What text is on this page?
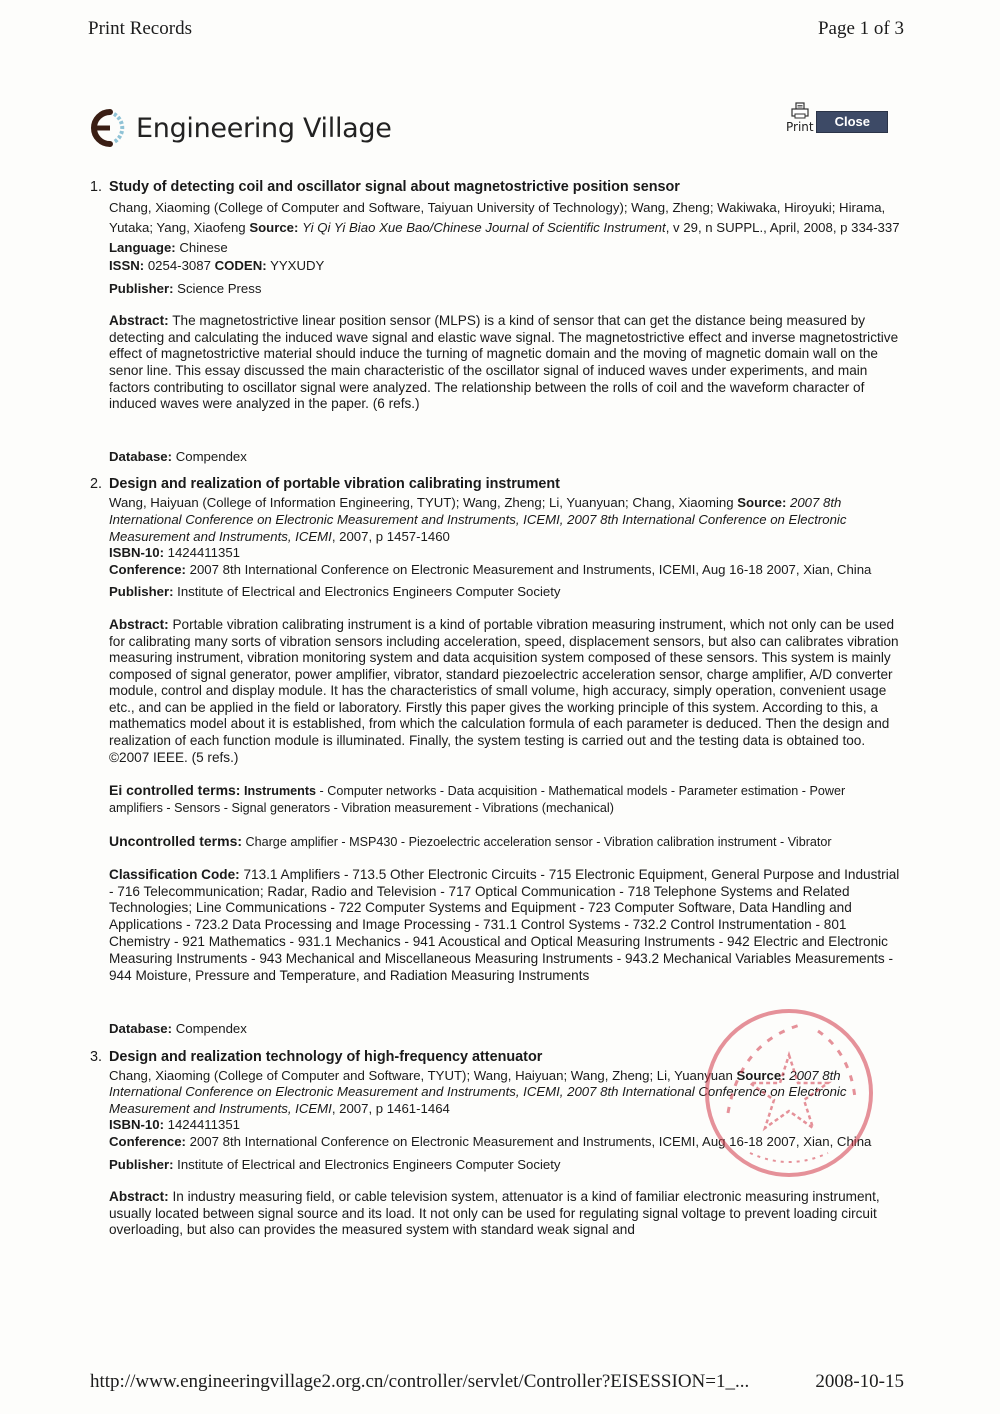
Print Records	Page 1 of 3
Engineering Village	Print	Close
1. Study of detecting coil and oscillator signal about magnetostrictive position sensor
Chang, Xiaoming (College of Computer and Software, Taiyuan University of Technology); Wang, Zheng; Wakiwaka, Hiroyuki; Hirama, Yutaka; Yang, Xiaofeng Source: Yi Qi Yi Biao Xue Bao/Chinese Journal of Scientific Instrument, v 29, n SUPPL., April, 2008, p 334-337 Language: Chinese
ISSN: 0254-3087 CODEN: YYXUDY
Publisher: Science Press
Abstract: The magnetostrictive linear position sensor (MLPS) is a kind of sensor that can get the distance being measured by detecting and calculating the induced wave signal and elastic wave signal. The magnetostrictive effect and inverse magnetostrictive effect of magnetostrictive material should induce the turning of magnetic domain and the moving of magnetic domain wall on the senor line. This essay discussed the main characteristic of the oscillator signal of induced waves under experiments, and main factors contributing to oscillator signal were analyzed. The relationship between the rolls of coil and the waveform character of induced waves were analyzed in the paper. (6 refs.)
Database: Compendex
2. Design and realization of portable vibration calibrating instrument
Wang, Haiyuan (College of Information Engineering, TYUT); Wang, Zheng; Li, Yuanyuan; Chang, Xiaoming Source: 2007 8th International Conference on Electronic Measurement and Instruments, ICEMI, 2007 8th International Conference on Electronic Measurement and Instruments, ICEMI, 2007, p 1457-1460
ISBN-10: 1424411351
Conference: 2007 8th International Conference on Electronic Measurement and Instruments, ICEMI, Aug 16-18 2007, Xian, China
Publisher: Institute of Electrical and Electronics Engineers Computer Society
Abstract: Portable vibration calibrating instrument is a kind of portable vibration measuring instrument, which not only can be used for calibrating many sorts of vibration sensors including acceleration, speed, displacement sensors, but also can calibrates vibration measuring instrument, vibration monitoring system and data acquisition system composed of these sensors. This system is mainly composed of signal generator, power amplifier, vibrator, standard piezoelectric acceleration sensor, charge amplifier, A/D converter module, control and display module. It has the characteristics of small volume, high accuracy, simply operation, convenient usage etc., and can be applied in the field or laboratory. Firstly this paper gives the working principle of this system. According to this, a mathematics model about it is established, from which the calculation formula of each parameter is deduced. Then the design and realization of each function module is illuminated. Finally, the system testing is carried out and the testing data is obtained too. ©2007 IEEE. (5 refs.)
Ei controlled terms: Instruments - Computer networks - Data acquisition - Mathematical models - Parameter estimation - Power amplifiers - Sensors - Signal generators - Vibration measurement - Vibrations (mechanical)
Uncontrolled terms: Charge amplifier - MSP430 - Piezoelectric acceleration sensor - Vibration calibration instrument - Vibrator
Classification Code: 713.1 Amplifiers - 713.5 Other Electronic Circuits - 715 Electronic Equipment, General Purpose and Industrial - 716 Telecommunication; Radar, Radio and Television - 717 Optical Communication - 718 Telephone Systems and Related Technologies; Line Communications - 722 Computer Systems and Equipment - 723 Computer Software, Data Handling and Applications - 723.2 Data Processing and Image Processing - 731.1 Control Systems - 732.2 Control Instrumentation - 801 Chemistry - 921 Mathematics - 931.1 Mechanics - 941 Acoustical and Optical Measuring Instruments - 942 Electric and Electronic Measuring Instruments - 943 Mechanical and Miscellaneous Measuring Instruments - 943.2 Mechanical Variables Measurements - 944 Moisture, Pressure and Temperature, and Radiation Measuring Instruments
Database: Compendex
3. Design and realization technology of high-frequency attenuator
Chang, Xiaoming (College of Computer and Software, TYUT); Wang, Haiyuan; Wang, Zheng; Li, Yuanyuan Source: 2007 8th International Conference on Electronic Measurement and Instruments, ICEMI, 2007 8th International Conference on Electronic Measurement and Instruments, ICEMI, 2007, p 1461-1464
ISBN-10: 1424411351
Conference: 2007 8th International Conference on Electronic Measurement and Instruments, ICEMI, Aug 16-18 2007, Xian, China
Publisher: Institute of Electrical and Electronics Engineers Computer Society
Abstract: In industry measuring field, or cable television system, attenuator is a kind of familiar electronic measuring instrument, usually located between signal source and its load. It not only can be used for regulating signal voltage to prevent loading circuit overloading, but also can provides the measured system with standard weak signal and
http://www.engineeringvillage2.org.cn/controller/servlet/Controller?EISESSION=1_...	2008-10-15
